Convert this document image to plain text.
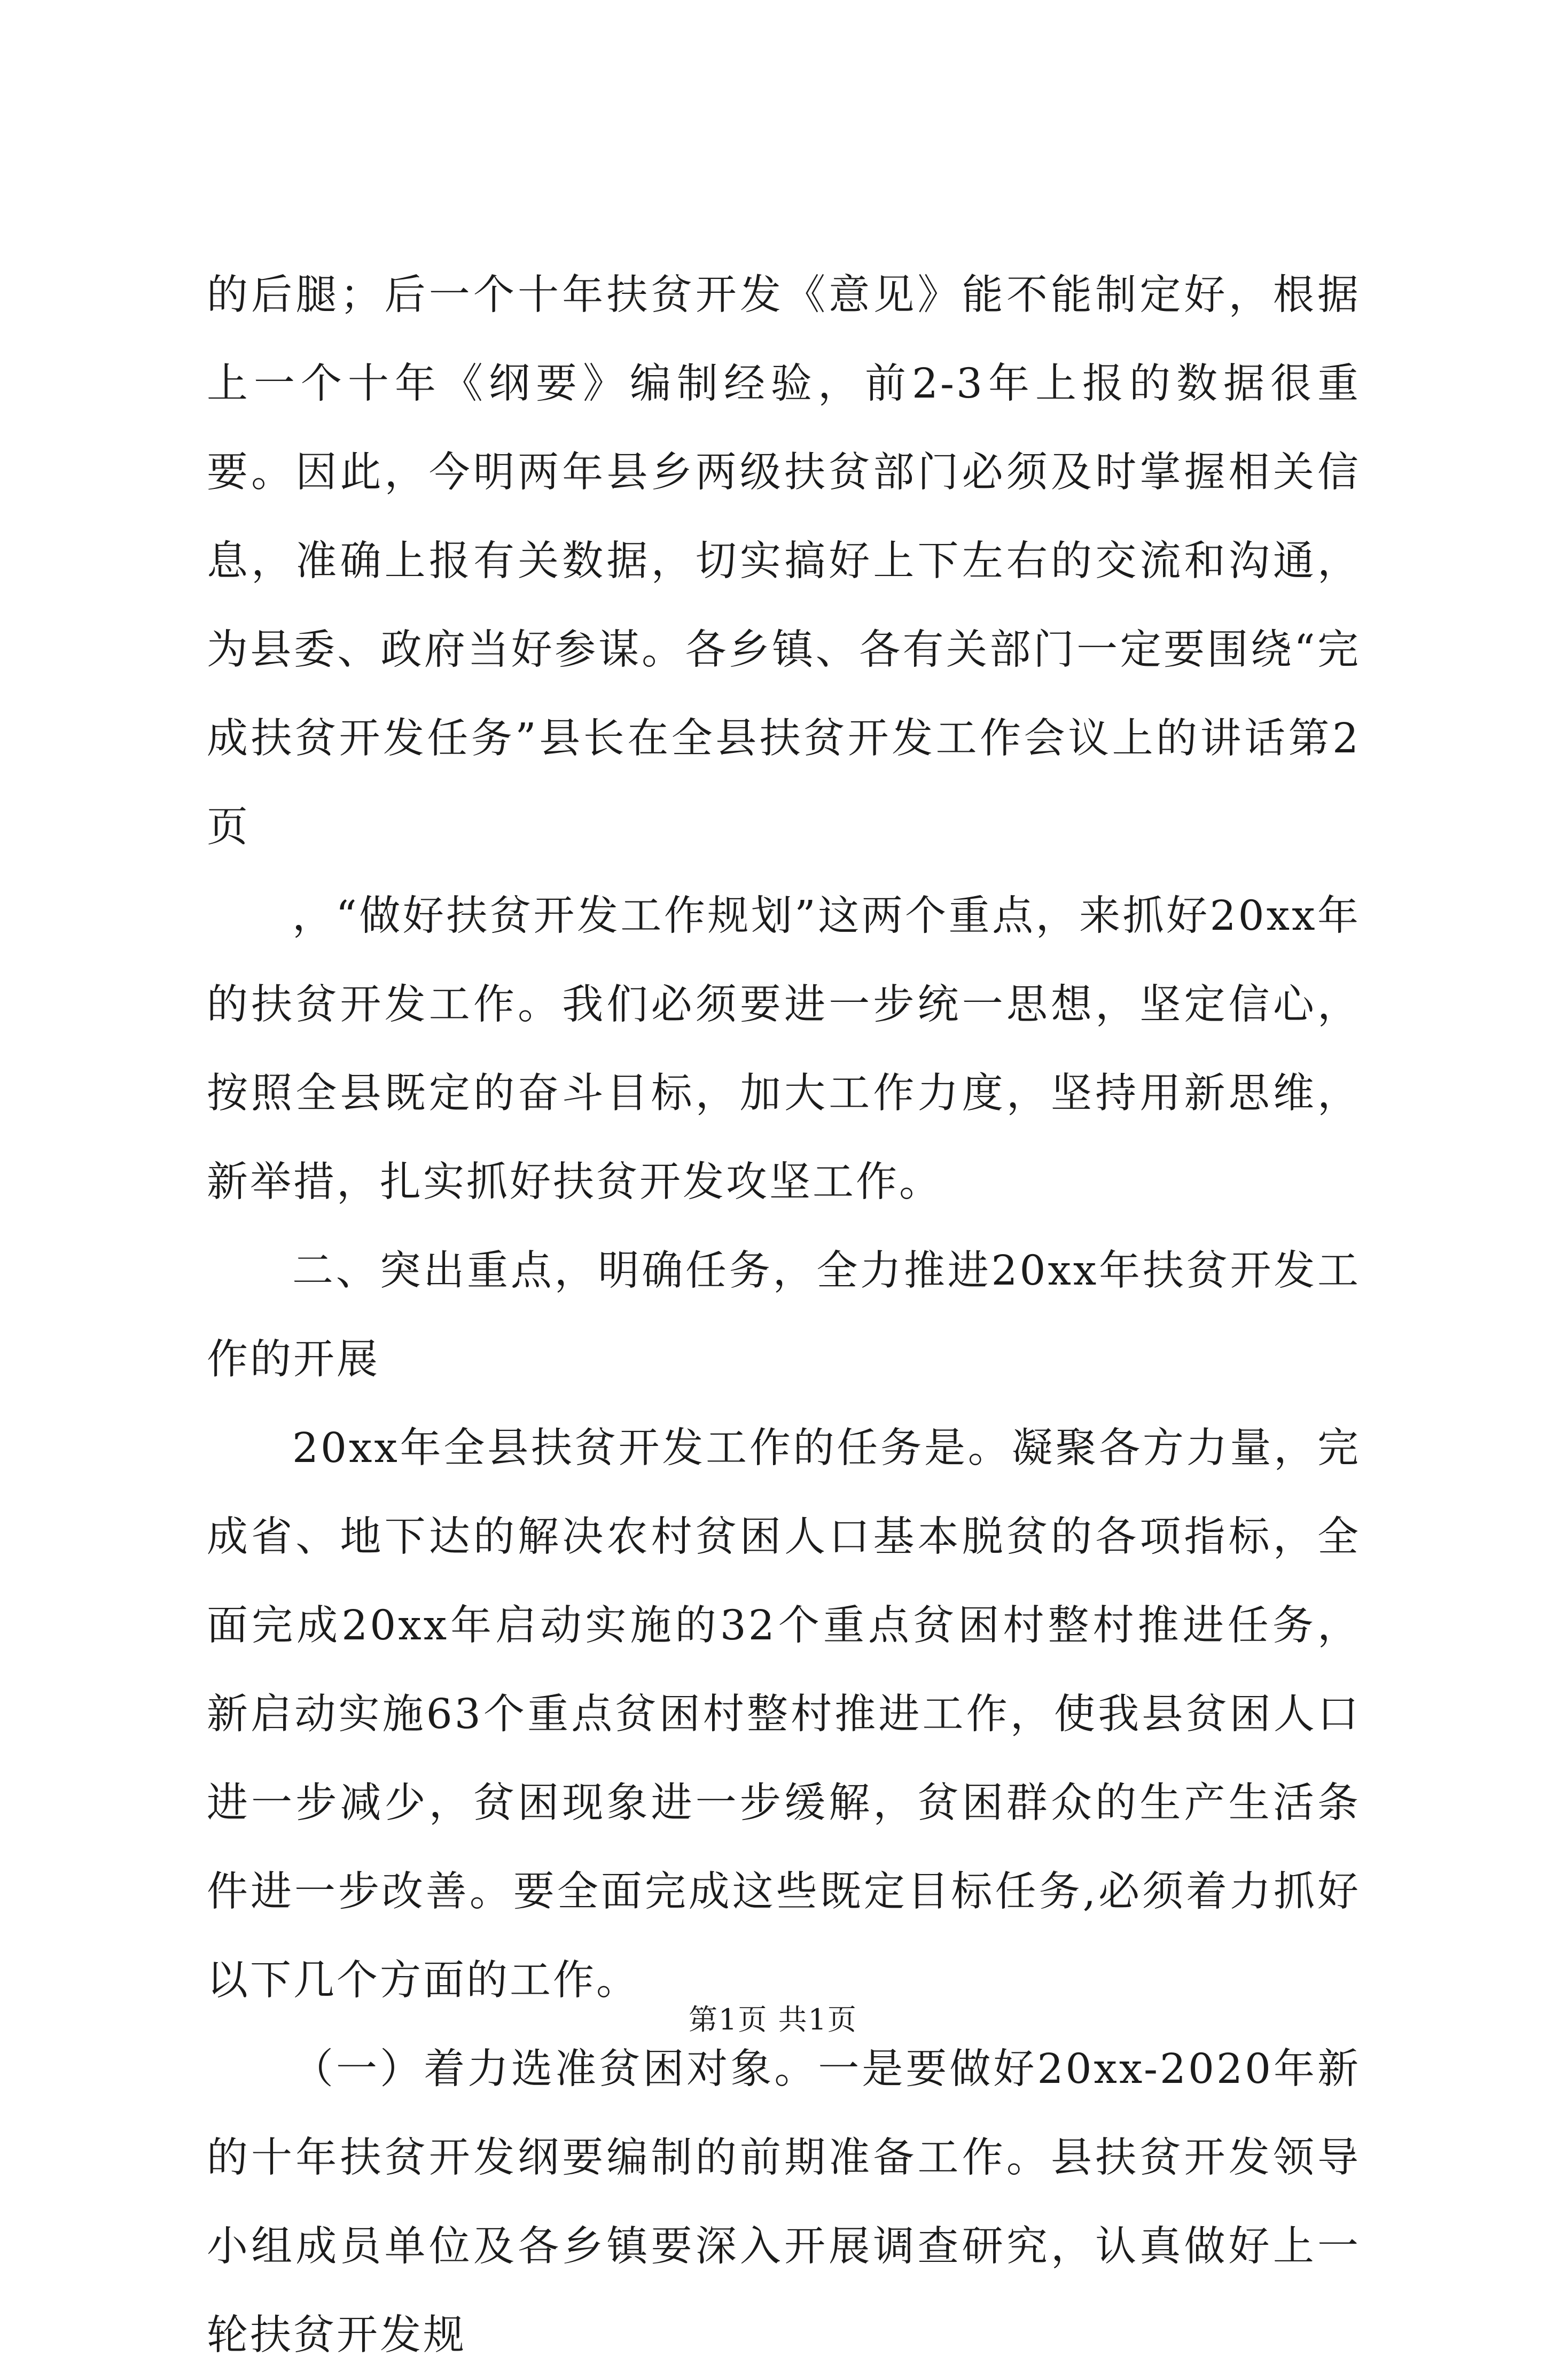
的后腿；后一个十年扶贫开发《意见》能不能制定好，根据上一个十年《纲要》编制经验，前2-3年上报的数据很重要。因此，今明两年县乡两级扶贫部门必须及时掌握相关信息，准确上报有关数据，切实搞好上下左右的交流和沟通，为县委、政府当好参谋。各乡镇、各有关部门一定要围绕“完成扶贫开发任务”县长在全县扶贫开发工作会议上的讲话第2页

，“做好扶贫开发工作规划”这两个重点，来抓好20xx年的扶贫开发工作。我们必须要进一步统一思想，坚定信心，按照全县既定的奋斗目标，加大工作力度，坚持用新思维，新举措，扎实抓好扶贫开发攻坚工作。

二、突出重点，明确任务，全力推进20xx年扶贫开发工作的开展

20xx年全县扶贫开发工作的任务是。凝聚各方力量，完成省、地下达的解决农村贫困人口基本脱贫的各项指标，全面完成20xx年启动实施的32个重点贫困村整村推进任务，新启动实施63个重点贫困村整村推进工作，使我县贫困人口进一步减少，贫困现象进一步缓解，贫困群众的生产生活条件进一步改善。要全面完成这些既定目标任务,必须着力抓好以下几个方面的工作。

（一）着力选准贫困对象。一是要做好20xx-2020年新的十年扶贫开发纲要编制的前期准备工作。县扶贫开发领导小组成员单位及各乡镇要深入开展调查研究，认真做好上一轮扶贫开发规

第1页 共1页
